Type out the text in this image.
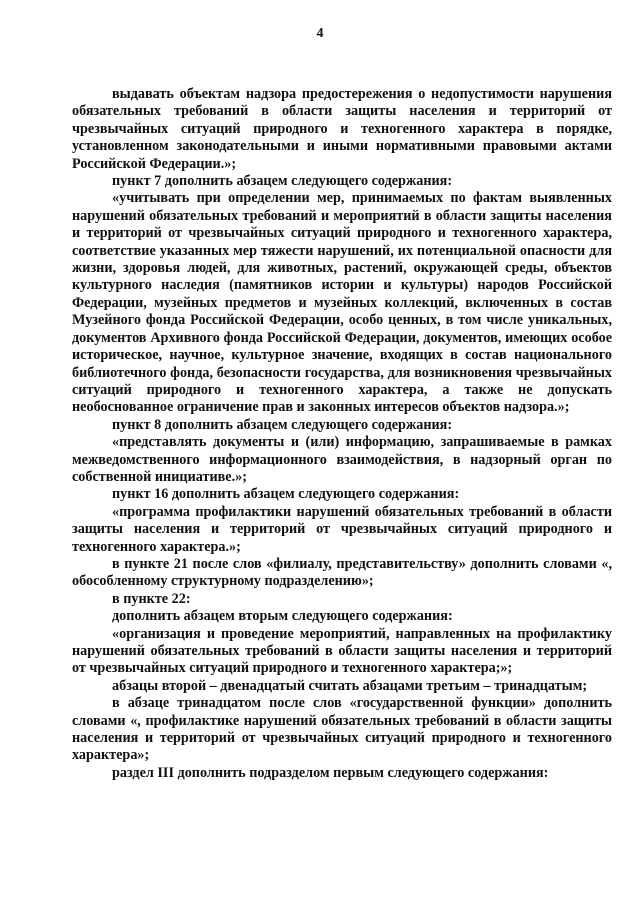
4

выдавать объектам надзора предостережения о недопустимости нарушения обязательных требований в области защиты населения и территорий от чрезвычайных ситуаций природного и техногенного характера в порядке, установленном законодательными и иными нормативными правовыми актами Российской Федерации.»;

пункт 7 дополнить абзацем следующего содержания:

«учитывать при определении мер, принимаемых по фактам выявленных нарушений обязательных требований и мероприятий в области защиты населения и территорий от чрезвычайных ситуаций природного и техногенного характера, соответствие указанных мер тяжести нарушений, их потенциальной опасности для жизни, здоровья людей, для животных, растений, окружающей среды, объектов культурного наследия (памятников истории и культуры) народов Российской Федерации, музейных предметов и музейных коллекций, включенных в состав Музейного фонда Российской Федерации, особо ценных, в том числе уникальных, документов Архивного фонда Российской Федерации, документов, имеющих особое историческое, научное, культурное значение, входящих в состав национального библиотечного фонда, безопасности государства, для возникновения чрезвычайных ситуаций природного и техногенного характера, а также не допускать необоснованное ограничение прав и законных интересов объектов надзора.»;

пункт 8 дополнить абзацем следующего содержания:

«представлять документы и (или) информацию, запрашиваемые в рамках межведомственного информационного взаимодействия, в надзорный орган по собственной инициативе.»;

пункт 16 дополнить абзацем следующего содержания:

«программа профилактики нарушений обязательных требований в области защиты населения и территорий от чрезвычайных ситуаций природного и техногенного характера.»;

в пункте 21 после слов «филиалу, представительству» дополнить словами «, обособленному структурному подразделению»;

в пункте 22:

дополнить абзацем вторым следующего содержания:

«организация и проведение мероприятий, направленных на профилактику нарушений обязательных требований в области защиты населения и территорий от чрезвычайных ситуаций природного и техногенного характера;»;

абзацы второй – двенадцатый считать абзацами третьим – тринадцатым;

в абзаце тринадцатом после слов «государственной функции» дополнить словами «, профилактике нарушений обязательных требований в области защиты населения и территорий от чрезвычайных ситуаций природного и техногенного характера»;

раздел III дополнить подразделом первым следующего содержания:
